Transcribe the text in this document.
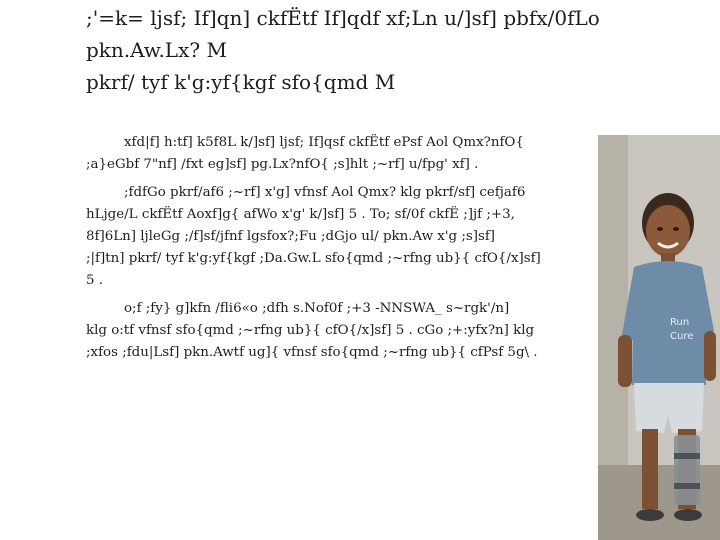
;'=k= ljsf; If]qn] ckfËtf If]qdf xf;Ln u/]sf] pbfx/0fLo
pkn.Aw.Lx? M
pkrf/ tyf k'g:yf{kgf sfo{qmd M
xfd|f] h:tf] k5f8L k/]sf] ljsf; If]qsf ckfËtf ePsf Aol Qmx?nfO{
;a}eGbf 7"nf] /fxt eg]sf] pg.Lx?nfO{ ;s]hlt ;~rf] u/fpg' xf] .
;fdfGo pkrf/af6 ;~rf] x'g] vfnsf Aol Qmx? klg pkrf/sf] cefjaf6
hLjge/L ckfËtf Aoxf]g{ afWo x'g' k/]sf] 5 . To; sf/0f ckfË ;]jf ;+3,
8f]6Ln] ljleGg ;/f]sf/jfnf lgsfox?;Fu ;dGjo ul/ pkn.Aw x'g ;s]sf]
;|f]tn] pkrf/ tyf k'g:yf{kgf ;Da.Gw.L sfo{qmd ;~rfng ub}{ cfO{/x]sf]
5 .
o;f ;fy} g]kfn /fli6«o ;dfh s.Nof0f ;+3 -NNSWA_ s~rgk'/n]
klg o:tf vfnsf sfo{qmd ;~rfng ub}{ cfO{/x]sf] 5 . cGo ;+:yfx?n] klg
;xfos ;fdu|Lsf] pkn.Awtf ug]{ vfnsf sfo{qmd ;~rfng ub}{ cfPsf 5g\ .
Run
Cure
